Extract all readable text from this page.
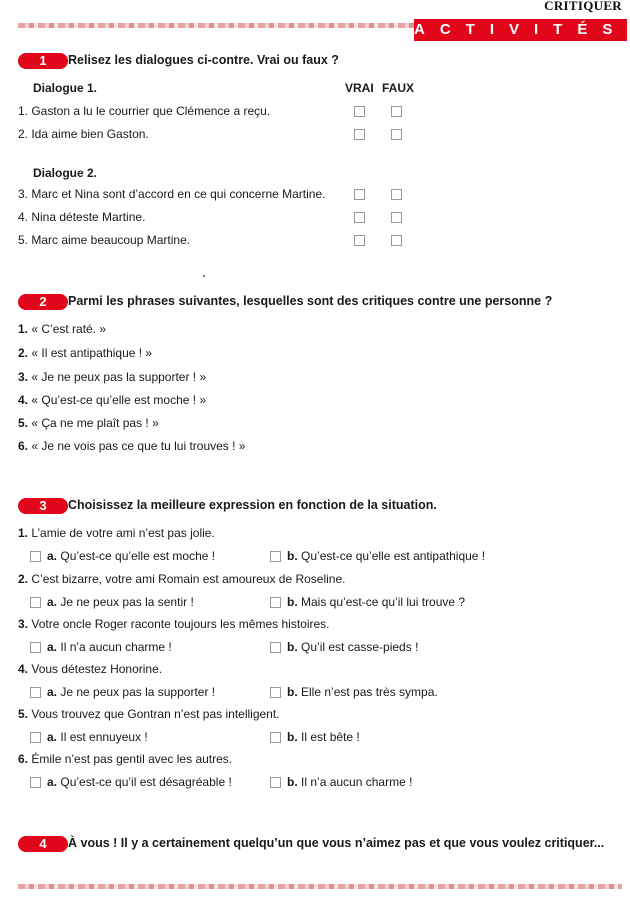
CRITIQUER
ACTIVITÉS
1	Relisez les dialogues ci-contre. Vrai ou faux ?
Dialogue 1.	VRAI FAUX
1. Gaston a lu le courrier que Clémence a reçu.
2. Ida aime bien Gaston.
Dialogue 2.
3. Marc et Nina sont d’accord en ce qui concerne Martine.
4. Nina déteste Martine.
5. Marc aime beaucoup Martine.
2	Parmi les phrases suivantes, lesquelles sont des critiques contre une personne ?
1. « C’est raté. »
2. « Il est antipathique ! »
3. « Je ne peux pas la supporter ! »
4. « Qu’est-ce qu’elle est moche ! »
5. « Ça ne me plaît pas ! »
6. « Je ne vois pas ce que tu lui trouves ! »
3	Choisissez la meilleure expression en fonction de la situation.
1. L’amie de votre ami n’est pas jolie.
a. Qu’est-ce qu’elle est moche !	b. Qu’est-ce qu’elle est antipathique !
2. C’est bizarre, votre ami Romain est amoureux de Roseline.
a. Je ne peux pas la sentir !	b. Mais qu’est-ce qu’il lui trouve ?
3. Votre oncle Roger raconte toujours les mêmes histoires.
a. Il n’a aucun charme !	b. Qu’il est casse-pieds !
4. Vous détestez Honorine.
a. Je ne peux pas la supporter !	b. Elle n’est pas très sympa.
5. Vous trouvez que Gontran n’est pas intelligent.
a. Il est ennuyeux !	b. Il est bête !
6. Émile n’est pas gentil avec les autres.
a. Qu’est-ce qu’il est désagréable !	b. Il n’a aucun charme !
4	À vous ! Il y a certainement quelqu’un que vous n’aimez pas et que vous voulez critiquer...
